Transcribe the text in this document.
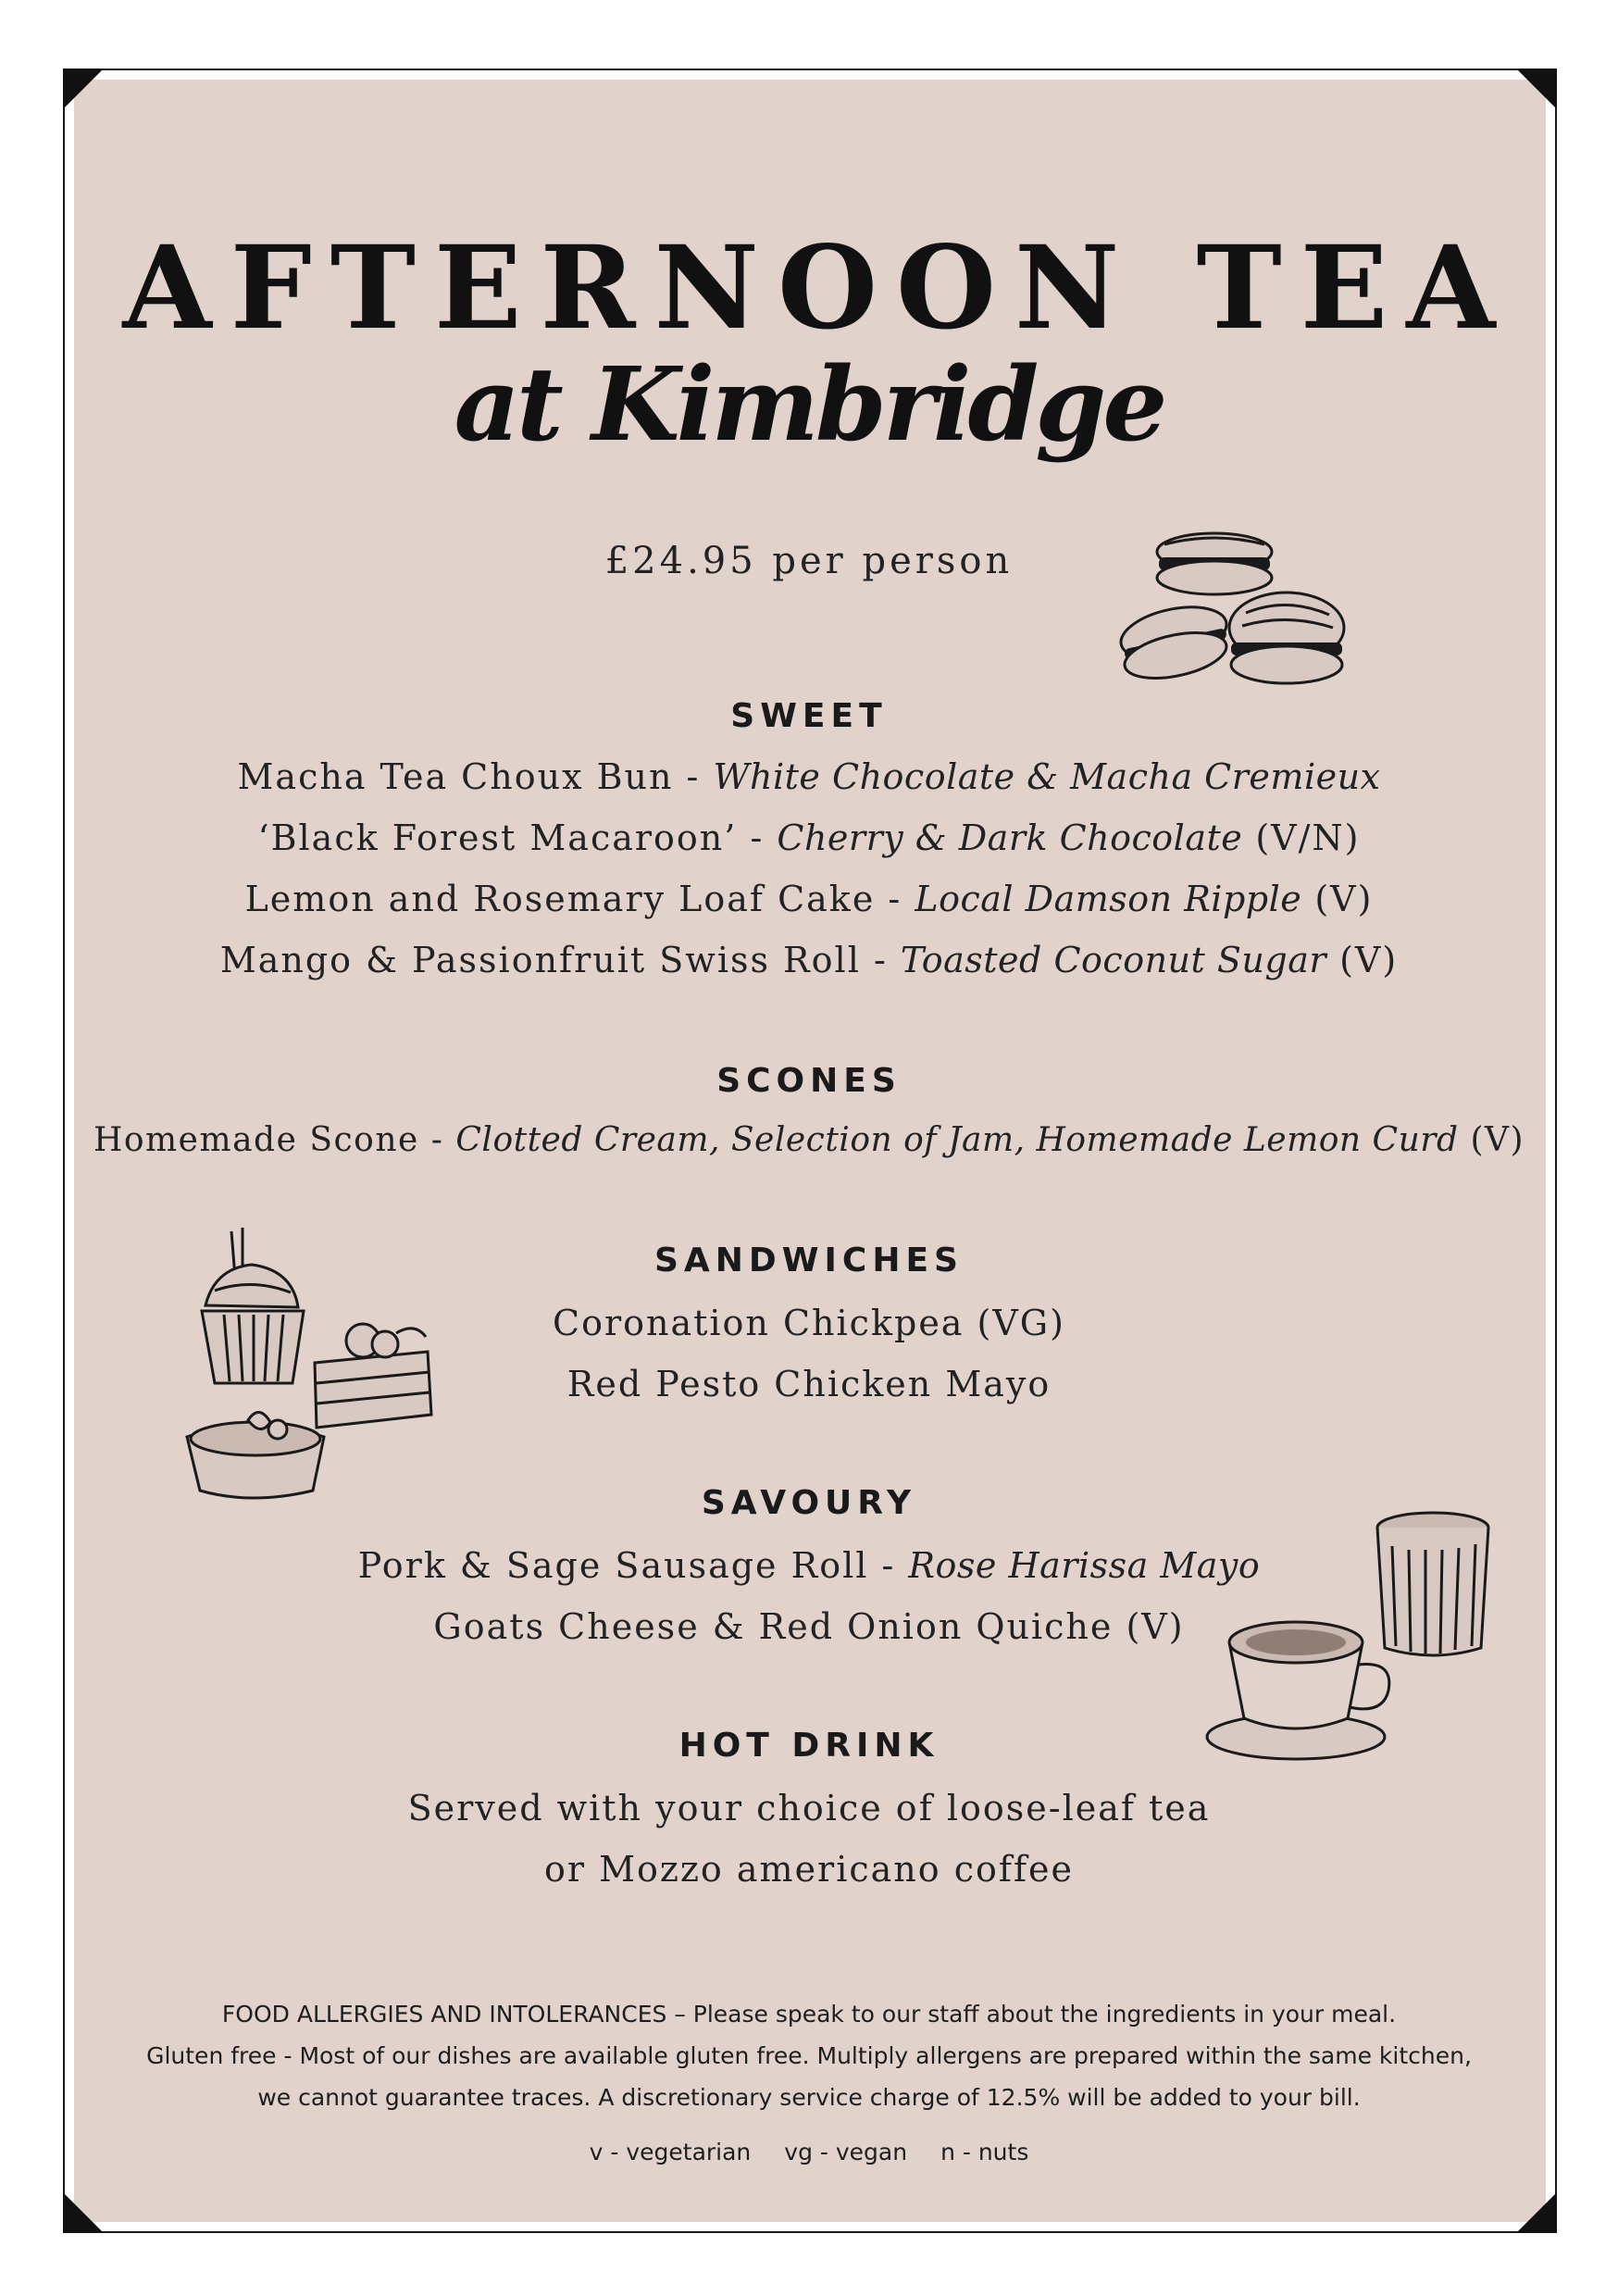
AFTERNOON TEA
at Kimbridge
£24.95 per person
SWEET
Macha Tea Choux Bun - White Chocolate & Macha Cremieux
‘Black Forest Macaroon’ - Cherry & Dark Chocolate (V/N)
Lemon and Rosemary Loaf Cake - Local Damson Ripple (V)
Mango & Passionfruit Swiss Roll - Toasted Coconut Sugar (V)
SCONES
Homemade Scone - Clotted Cream, Selection of Jam, Homemade Lemon Curd (V)
SANDWICHES
Coronation Chickpea (VG)
Red Pesto Chicken Mayo
SAVOURY
Pork & Sage Sausage Roll - Rose Harissa Mayo
Goats Cheese & Red Onion Quiche (V)
HOT DRINK
Served with your choice of loose-leaf tea
or Mozzo americano coffee
FOOD ALLERGIES AND INTOLERANCES – Please speak to our staff about the ingredients in your meal.
Gluten free - Most of our dishes are available gluten free. Multiply allergens are prepared within the same kitchen,
we cannot guarantee traces. A discretionary service charge of 12.5% will be added to your bill.
v - vegetarian vg - vegan n - nuts
